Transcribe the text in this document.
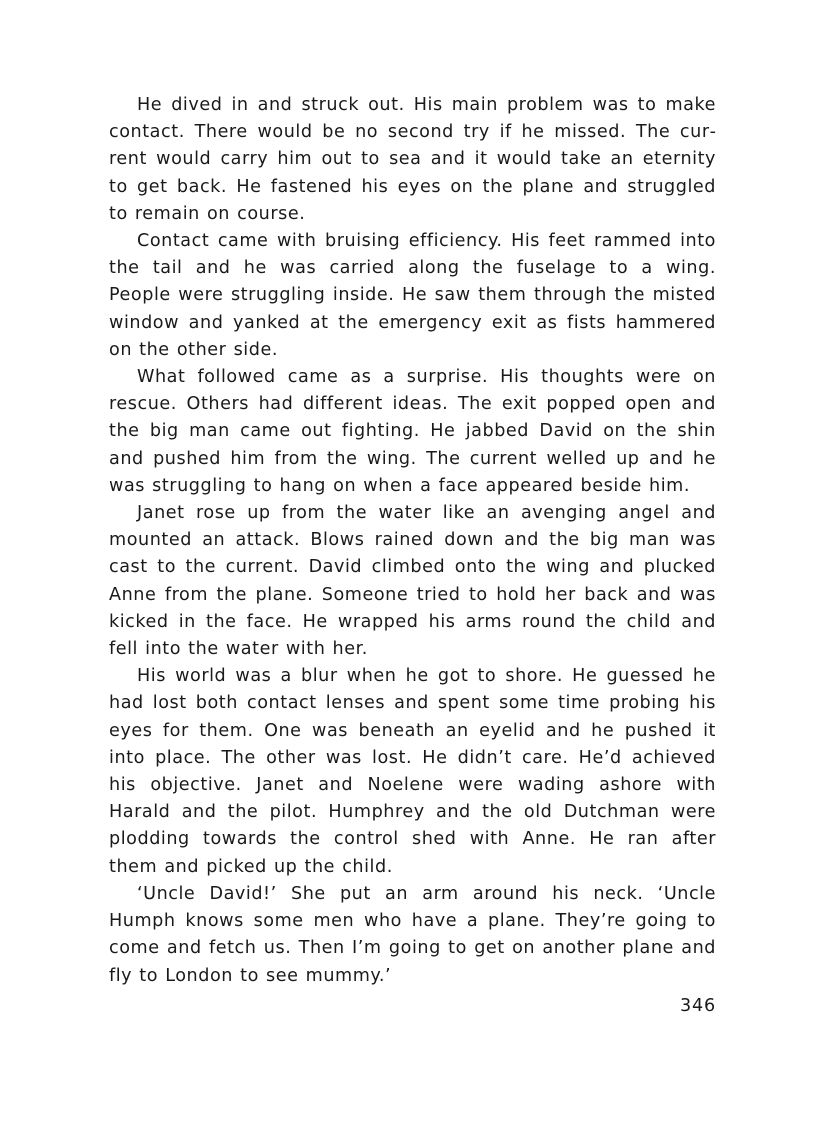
He dived in and struck out. His main problem was to make contact. There would be no second try if he missed. The current would carry him out to sea and it would take an eternity to get back. He fastened his eyes on the plane and struggled to remain on course.

Contact came with bruising efficiency. His feet rammed into the tail and he was carried along the fuselage to a wing. People were struggling inside. He saw them through the misted window and yanked at the emergency exit as fists hammered on the other side.

What followed came as a surprise. His thoughts were on rescue. Others had different ideas. The exit popped open and the big man came out fighting. He jabbed David on the shin and pushed him from the wing. The current welled up and he was struggling to hang on when a face appeared beside him.

Janet rose up from the water like an avenging angel and mounted an attack. Blows rained down and the big man was cast to the current. David climbed onto the wing and plucked Anne from the plane. Someone tried to hold her back and was kicked in the face. He wrapped his arms round the child and fell into the water with her.

His world was a blur when he got to shore. He guessed he had lost both contact lenses and spent some time probing his eyes for them. One was beneath an eyelid and he pushed it into place. The other was lost. He didn’t care. He’d achieved his objective. Janet and Noelene were wading ashore with Harald and the pilot. Humphrey and the old Dutchman were plodding towards the control shed with Anne. He ran after them and picked up the child.

‘Uncle David!’ She put an arm around his neck. ‘Uncle Humph knows some men who have a plane. They’re going to come and fetch us. Then I’m going to get on another plane and fly to London to see mummy.’

346
